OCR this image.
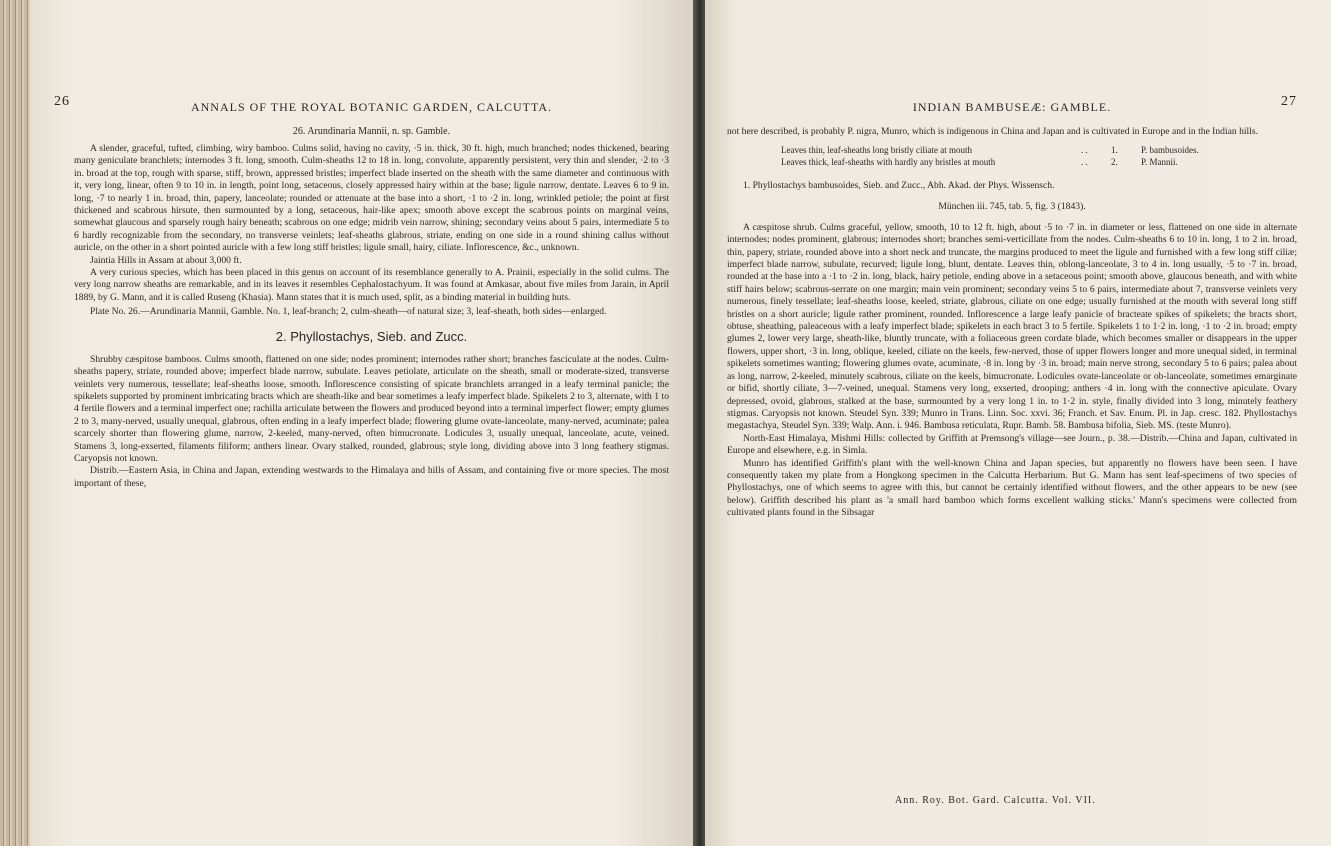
26	ANNALS OF THE ROYAL BOTANIC GARDEN, CALCUTTA.
26. Arundinaria Mannii, n. sp. Gamble.

A slender, graceful, tufted, climbing, wiry bamboo. Culms solid, having no cavity, ·5 in. thick, 30 ft. high, much branched; nodes thickened, bearing many geniculate branchlets; internodes 3 ft. long, smooth. Culm-sheaths 12 to 18 in. long, convolute, apparently persistent, very thin and slender, ·2 to ·3 in. broad at the top, rough with sparse, stiff, brown, appressed bristles; imperfect blade inserted on the sheath with the same diameter and continuous with it, very long, linear, often 9 to 10 in. in length, point long, setaceous, closely appressed hairy within at the base; ligule narrow, dentate. Leaves 6 to 9 in. long, ·7 to nearly 1 in. broad, thin, papery, lanceolate; rounded or attenuate at the base into a short, ·1 to ·2 in. long, wrinkled petiole; the point at first thickened and scabrous hirsute, then surmounted by a long, setaceous, hair-like apex; smooth above except the scabrous points on marginal veins, somewhat glaucous and sparsely rough hairy beneath; scabrous on one edge; midrib vein narrow, shining; secondary veins about 5 pairs, intermediate 5 to 6 hardly recognizable from the secondary, no transverse veinlets; leaf-sheaths glabrous, striate, ending on one side in a round shining callus without auricle, on the other in a short pointed auricle with a few long stiff bristles; ligule small, hairy, ciliate. Inflorescence, &c., unknown.

Jaintia Hills in Assam at about 3,000 ft.

A very curious species, which has been placed in this genus on account of its resemblance generally to A. Prainii, especially in the solid culms. The very long narrow sheaths are remarkable, and in its leaves it resembles Cephalostachyum. It was found at Amkasar, about five miles from Jarain, in April 1889, by G. Mann, and it is called Ruseng (Khasia). Mann states that it is much used, split, as a binding material in building huts.

Plate No. 26.—Arundinaria Mannii, Gamble. No. 1, leaf-branch; 2, culm-sheath—of natural size; 3, leaf-sheath, both sides—enlarged.

2. Phyllostachys, Sieb. and Zucc.

Shrubby cæspitose bamboos. Culms smooth, flattened on one side; nodes prominent; internodes rather short; branches fasciculate at the nodes. Culm-sheaths papery, striate, rounded above; imperfect blade narrow, subulate. Leaves petiolate, articulate on the sheath, small or moderate-sized, transverse veinlets very numerous, tessellate; leaf-sheaths loose, smooth. Inflorescence consisting of spicate branchlets arranged in a leafy terminal panicle; the spikelets supported by prominent imbricating bracts which are sheath-like and bear sometimes a leafy imperfect blade. Spikelets 2 to 3, alternate, with 1 to 4 fertile flowers and a terminal imperfect one; rachilla articulate between the flowers and produced beyond into a terminal imperfect flower; empty glumes 2 to 3, many-nerved, usually unequal, glabrous, often ending in a leafy imperfect blade; flowering glume ovate-lanceolate, many-nerved, acuminate; palea scarcely shorter than flowering glume, narrow, 2-keeled, many-nerved, often bimucronate. Lodicules 3, usually unequal, lanceolate, acute, veined. Stamens 3, long-exserted, filaments filiform; anthers linear. Ovary stalked, rounded, glabrous; style long, dividing above into 3 long feathery stigmas. Caryopsis not known.

Distrib.—Eastern Asia, in China and Japan, extending westwards to the Himalaya and hills of Assam, and containing five or more species. The most important of these,

INDIAN BAMBUSEÆ: GAMBLE.	27

not here described, is probably P. nigra, Munro, which is indigenous in China and Japan and is cultivated in Europe and in the Indian hills.

Leaves thin, leaf-sheaths long bristly ciliate at mouth	. .	1.	P. bambusoides.
Leaves thick, leaf-sheaths with hardly any bristles at mouth	. .	2.	P. Mannii.
1. Phyllostachys bambusoides, Sieb. and Zucc., Abh. Akad. der Phys. Wissensch.
München iii. 745, tab. 5, fig. 3 (1843).

A cæspitose shrub. Culms graceful, yellow, smooth, 10 to 12 ft. high, about ·5 to ·7 in. in diameter or less, flattened on one side in alternate internodes; nodes prominent, glabrous; internodes short; branches semi-verticillate from the nodes. Culm-sheaths 6 to 10 in. long, 1 to 2 in. broad, thin, papery, striate, rounded above into a short neck and truncate, the margins produced to meet the ligule and furnished with a few long stiff ciliæ; imperfect blade narrow, subulate, recurved; ligule long, blunt, dentate. Leaves thin, oblong-lanceolate, 3 to 4 in. long usually, ·5 to ·7 in. broad, rounded at the base into a ·1 to ·2 in. long, black, hairy petiole, ending above in a setaceous point; smooth above, glaucous beneath, and with white stiff hairs below; scabrous-serrate on one margin; main vein prominent; secondary veins 5 to 6 pairs, intermediate about 7, transverse veinlets very numerous, finely tessellate; leaf-sheaths loose, keeled, striate, glabrous, ciliate on one edge; usually furnished at the mouth with several long stiff bristles on a short auricle; ligule rather prominent, rounded. Inflorescence a large leafy panicle of bracteate spikes of spikelets; the bracts short, obtuse, sheathing, paleaceous with a leafy imperfect blade; spikelets in each bract 3 to 5 fertile. Spikelets 1 to 1·2 in. long, ·1 to ·2 in. broad; empty glumes 2, lower very large, sheath-like, bluntly truncate, with a foliaceous green cordate blade, which becomes smaller or disappears in the upper flowers, upper short, ·3 in. long, oblique, keeled, ciliate on the keels, few-nerved, those of upper flowers longer and more unequal sided, in terminal spikelets sometimes wanting; flowering glumes ovate, acuminate, ·8 in. long by ·3 in. broad; main nerve strong, secondary 5 to 6 pairs; palea about as long, narrow, 2-keeled, minutely scabrous, ciliate on the keels, bimucronate. Lodicules ovate-lanceolate or ob-lanceolate, sometimes emarginate or bifid, shortly ciliate, 3—7-veined, unequal. Stamens very long, exserted, drooping; anthers ·4 in. long with the connective apiculate. Ovary depressed, ovoid, glabrous, stalked at the base, surmounted by a very long 1 in. to 1·2 in. style, finally divided into 3 long, minutely feathery stigmas. Caryopsis not known. Steudel Syn. 339; Munro in Trans. Linn. Soc. xxvi. 36; Franch. et Sav. Enum. Pl. in Jap. cresc. 182. Phyllostachys megastachya, Steudel Syn. 339; Walp. Ann. i. 946. Bambusa reticulata, Rupr. Bamb. 58. Bambusa bifolia, Sieb. MS. (teste Munro).

North-East Himalaya, Mishmi Hills: collected by Griffith at Premsong's village—see Journ., p. 38.—Distrib.—China and Japan, cultivated in Europe and elsewhere, e.g. in Simla.

Munro has identified Griffith's plant with the well-known China and Japan species, but apparently no flowers have been seen. I have consequently taken my plate from a Hongkong specimen in the Calcutta Herbarium. But G. Mann has sent leaf-specimens of two species of Phyllostachys, one of which seems to agree with this, but cannot be certainly identified without flowers, and the other appears to be new (see below). Griffith described his plant as 'a small hard bamboo which forms excellent walking sticks.' Mann's specimens were collected from cultivated plants found in the Sibsagar

Ann. Roy. Bot. Gard. Calcutta. Vol. VII.
